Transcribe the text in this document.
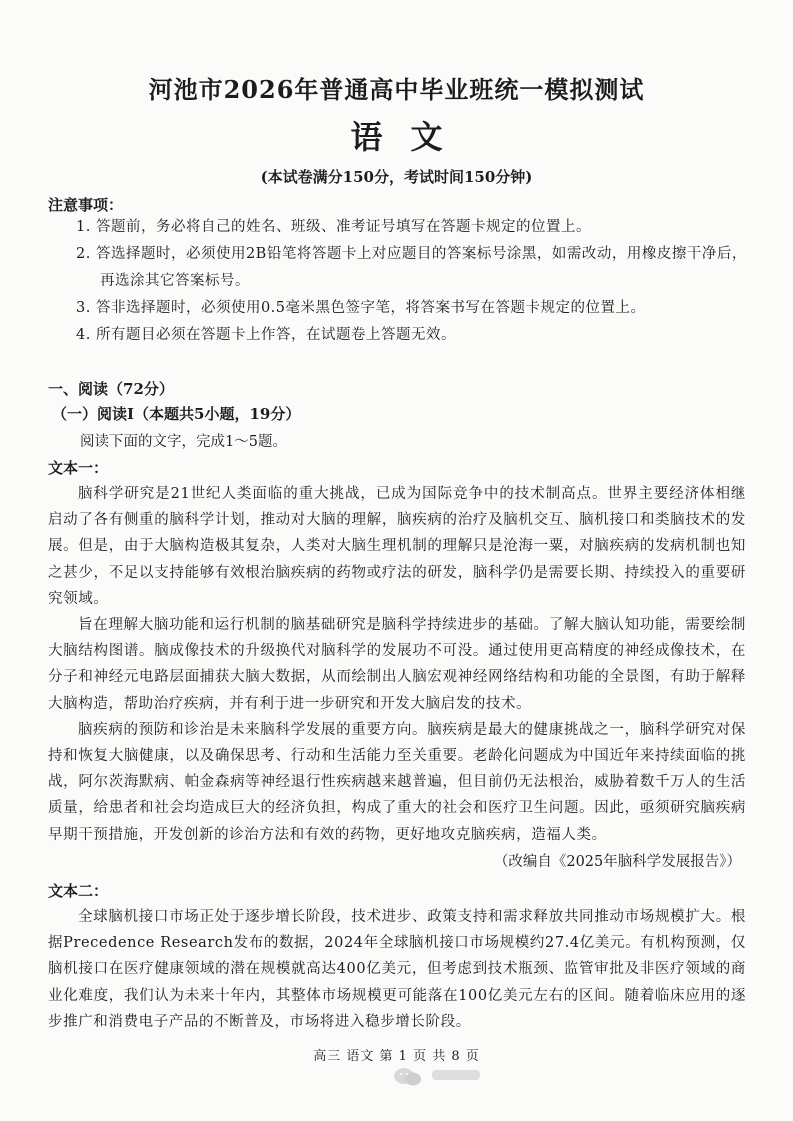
河池市2026年普通高中毕业班统一模拟测试
语文
(本试卷满分150分，考试时间150分钟)
注意事项：
1. 答题前，务必将自己的姓名、班级、准考证号填写在答题卡规定的位置上。
2. 答选择题时，必须使用2B铅笔将答题卡上对应题目的答案标号涂黑，如需改动，用橡皮擦干净后，再选涂其它答案标号。
3. 答非选择题时，必须使用0.5毫米黑色签字笔，将答案书写在答题卡规定的位置上。
4. 所有题目必须在答题卡上作答，在试题卷上答题无效。
一、阅读（72分）
（一）阅读Ⅰ（本题共5小题，19分）
阅读下面的文字，完成1～5题。
文本一：

脑科学研究是21世纪人类面临的重大挑战，已成为国际竞争中的技术制高点。世界主要经济体相继启动了各有侧重的脑科学计划，推动对大脑的理解，脑疾病的治疗及脑机交互、脑机接口和类脑技术的发展。但是，由于大脑构造极其复杂，人类对大脑生理机制的理解只是沧海一粟，对脑疾病的发病机制也知之甚少，不足以支持能够有效根治脑疾病的药物或疗法的研发，脑科学仍是需要长期、持续投入的重要研究领域。

旨在理解大脑功能和运行机制的脑基础研究是脑科学持续进步的基础。了解大脑认知功能，需要绘制大脑结构图谱。脑成像技术的升级换代对脑科学的发展功不可没。通过使用更高精度的神经成像技术，在分子和神经元电路层面捕获大脑大数据，从而绘制出人脑宏观神经网络结构和功能的全景图，有助于解释大脑构造，帮助治疗疾病，并有利于进一步研究和开发大脑启发的技术。

脑疾病的预防和诊治是未来脑科学发展的重要方向。脑疾病是最大的健康挑战之一，脑科学研究对保持和恢复大脑健康，以及确保思考、行动和生活能力至关重要。老龄化问题成为中国近年来持续面临的挑战，阿尔茨海默病、帕金森病等神经退行性疾病越来越普遍，但目前仍无法根治，威胁着数千万人的生活质量，给患者和社会均造成巨大的经济负担，构成了重大的社会和医疗卫生问题。因此，亟须研究脑疾病早期干预措施，开发创新的诊治方法和有效的药物，更好地攻克脑疾病，造福人类。

（改编自《2025年脑科学发展报告》）
文本二：

全球脑机接口市场正处于逐步增长阶段，技术进步、政策支持和需求释放共同推动市场规模扩大。根据Precedence Research发布的数据，2024年全球脑机接口市场规模约27.4亿美元。有机构预测，仅脑机接口在医疗健康领域的潜在规模就高达400亿美元，但考虑到技术瓶颈、监管审批及非医疗领域的商业化难度，我们认为未来十年内，其整体市场规模更可能落在100亿美元左右的区间。随着临床应用的逐步推广和消费电子产品的不断普及，市场将进入稳步增长阶段。

高三 语文 第 1 页 共 8 页
